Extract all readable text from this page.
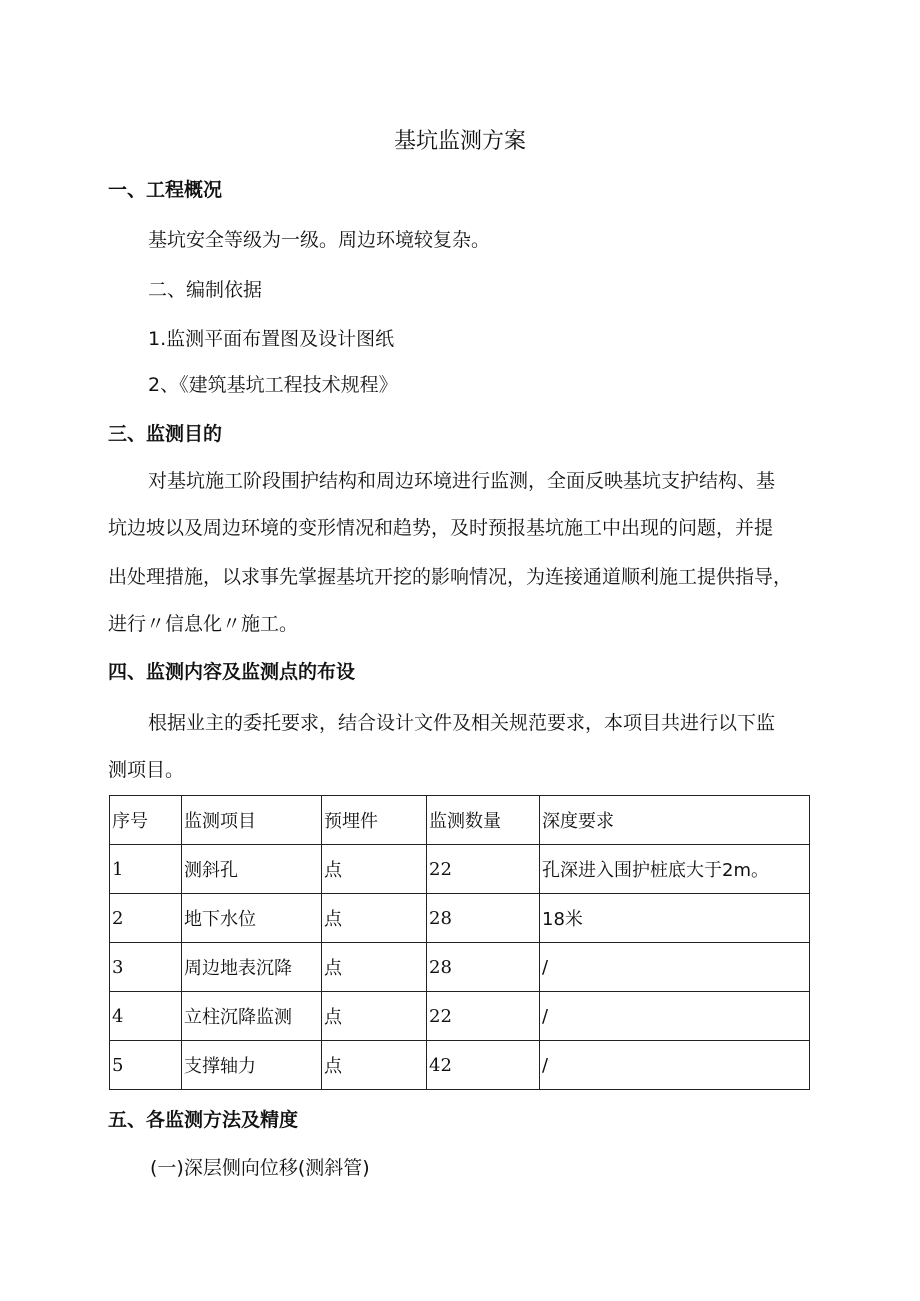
基坑监测方案
一、工程概况
基坑安全等级为一级。周边环境较复杂。
二、编制依据
1.监测平面布置图及设计图纸
2、《建筑基坑工程技术规程》
三、监测目的
对基坑施工阶段围护结构和周边环境进行监测，全面反映基坑支护结构、基
坑边坡以及周边环境的变形情况和趋势，及时预报基坑施工中出现的问题，并提
出处理措施，以求事先掌握基坑开挖的影响情况，为连接通道顺利施工提供指导，
进行〃信息化〃施工。
四、监测内容及监测点的布设
根据业主的委托要求，结合设计文件及相关规范要求，本项目共进行以下监
测项目。
序号	监测项目	预埋件	监测数量	深度要求
1	测斜孔	点	22	孔深进入围护桩底大于2m。
2	地下水位	点	28	18米
3	周边地表沉降	点	28	/
4	立柱沉降监测	点	22	/
5	支撑轴力	点	42	/
五、各监测方法及精度
(一)深层侧向位移(测斜管)
